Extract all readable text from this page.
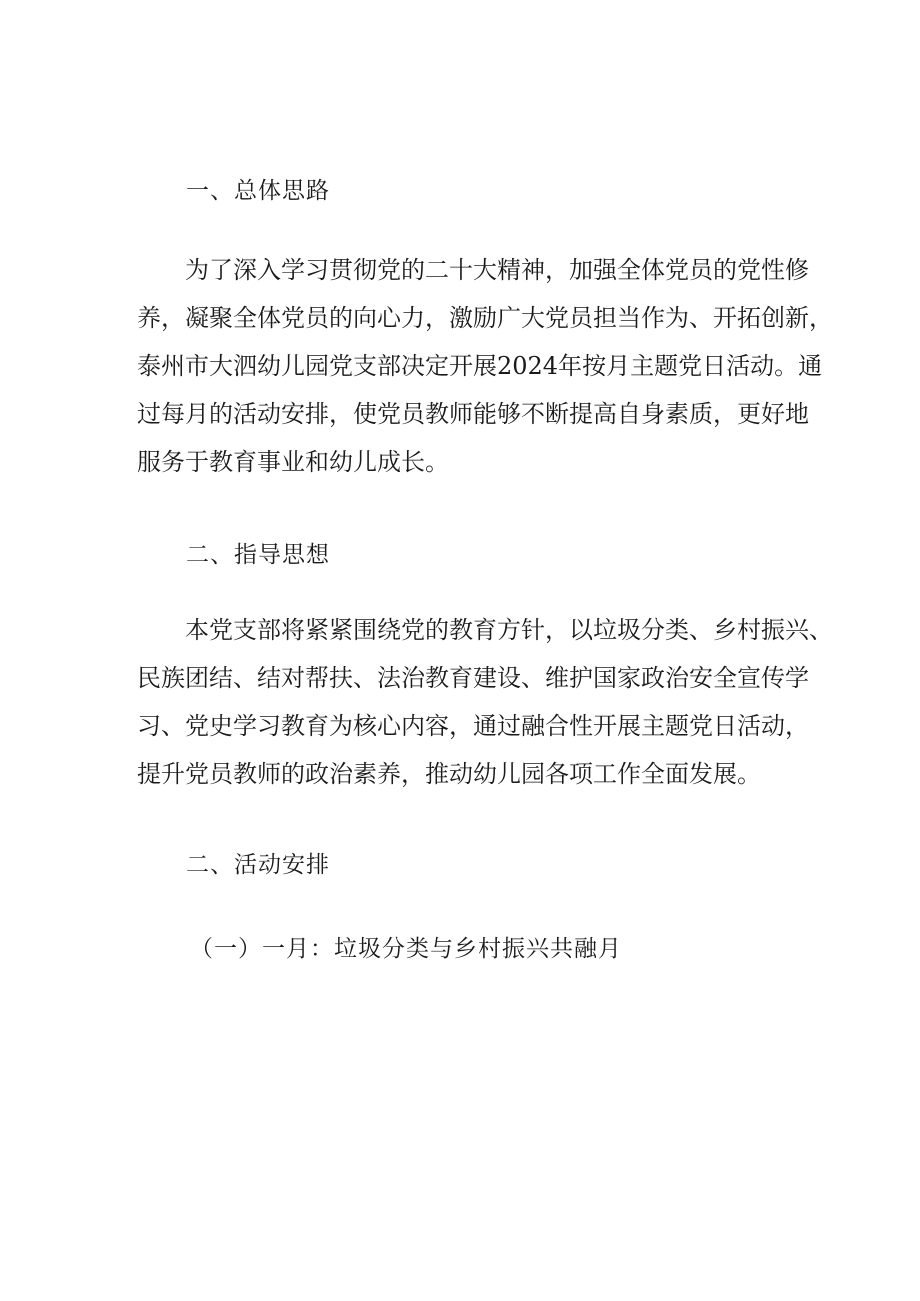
一、总体思路
为了深入学习贯彻党的二十大精神，加强全体党员的党性修
养，凝聚全体党员的向心力，激励广大党员担当作为、开拓创新，
泰州市大泗幼儿园党支部决定开展2024年按月主题党日活动。通
过每月的活动安排，使党员教师能够不断提高自身素质，更好地
服务于教育事业和幼儿成长。
二、指导思想
本党支部将紧紧围绕党的教育方针，以垃圾分类、乡村振兴、
民族团结、结对帮扶、法治教育建设、维护国家政治安全宣传学
习、党史学习教育为核心内容，通过融合性开展主题党日活动，
提升党员教师的政治素养，推动幼儿园各项工作全面发展。
二、活动安排
（一）一月：垃圾分类与乡村振兴共融月
